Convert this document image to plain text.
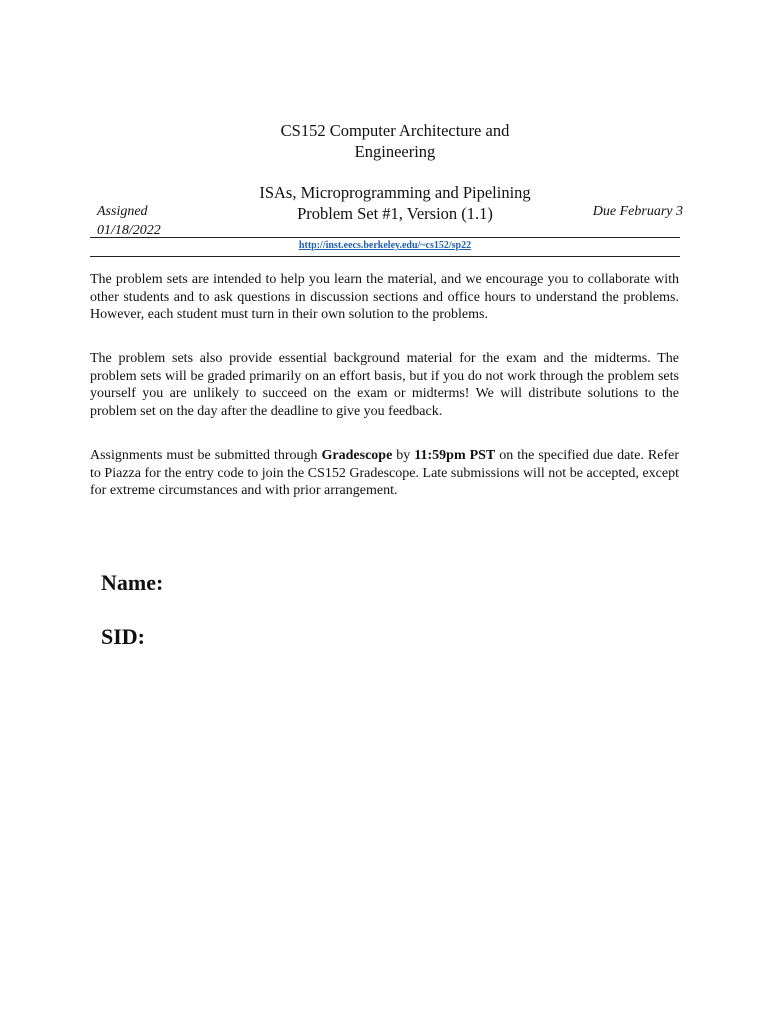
CS152 Computer Architecture and
Engineering
ISAs, Microprogramming and Pipelining
Problem Set #1, Version (1.1)
Assigned
01/18/2022
Due February 3
http://inst.eecs.berkeley.edu/~cs152/sp22

The problem sets are intended to help you learn the material, and we encourage you to collaborate with other students and to ask questions in discussion sections and office hours to understand the problems. However, each student must turn in their own solution to the problems.

The problem sets also provide essential background material for the exam and the midterms. The problem sets will be graded primarily on an effort basis, but if you do not work through the problem sets yourself you are unlikely to succeed on the exam or midterms! We will distribute solutions to the problem set on the day after the deadline to give you feedback.

Assignments must be submitted through Gradescope by 11:59pm PST on the specified due date. Refer to Piazza for the entry code to join the CS152 Gradescope. Late submissions will not be accepted, except for extreme circumstances and with prior arrangement.

Name:
SID:
